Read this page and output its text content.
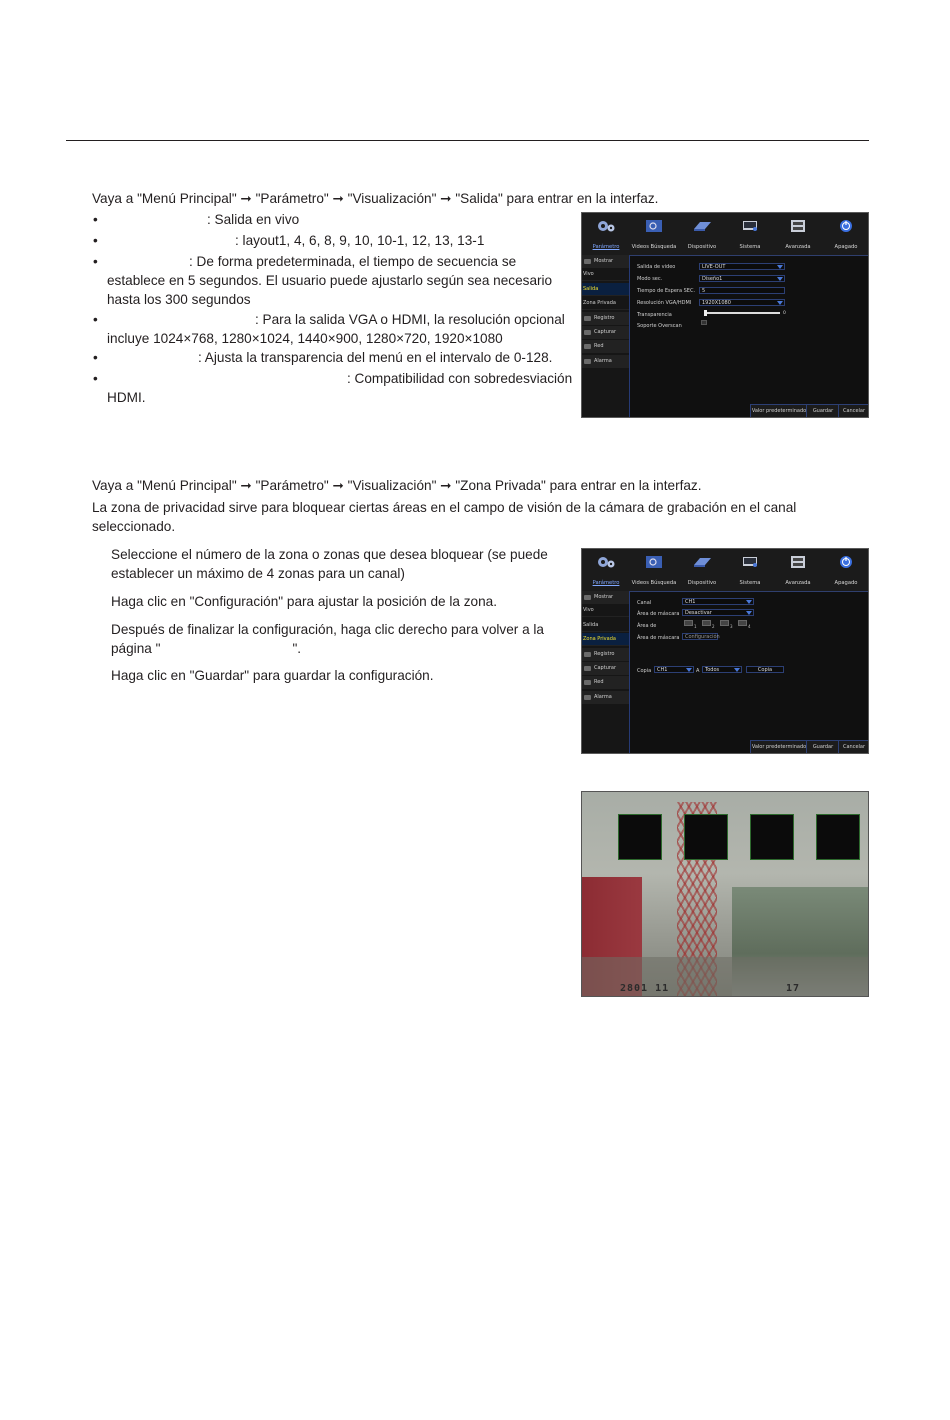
Vaya a "Menú Principal" ➞ "Parámetro" ➞ "Visualización" ➞ "Salida" para entrar en la interfaz.
•	: Salida en vivo
•	: layout1, 4, 6, 8, 9, 10, 10-1, 12, 13, 13-1
•	: De forma predeterminada, el tiempo de secuencia se
establece en 5 segundos. El usuario puede ajustarlo según sea necesario
hasta los 300 segundos
•	: Para la salida VGA o HDMI, la resolución opcional
incluye 1024×768, 1280×1024, 1440×900, 1280×720, 1920×1080
•	: Ajusta la transparencia del menú en el intervalo de 0-128.
•	: Compatibilidad con sobredesviación
HDMI.
Parámetro	Videos Búsqueda	Dispositivo	Sistema	Avanzada	Apagado
Mostrar
Vivo
Salida
Zona Privada
Registro
Capturar
Red
Alarma
Salida de video	LIVE-OUT
Modo sec.	Diseño1
Tiempo de Espera SEC.	5
Resolución VGA/HDMI	1920X1080
Transparencia	0
Soporte Overscan
Valor predeterminado	Guardar	Cancelar
Vaya a "Menú Principal" ➞ "Parámetro" ➞ "Visualización" ➞ "Zona Privada" para entrar en la interfaz.
La zona de privacidad sirve para bloquear ciertas áreas en el campo de visión de la cámara de grabación en el canal
seleccionado.
Seleccione el número de la zona o zonas que desea bloquear (se puede
establecer un máximo de 4 zonas para un canal)
Haga clic en "Configuración" para ajustar la posición de la zona.
Después de finalizar la configuración, haga clic derecho para volver a la
página "	".
Haga clic en "Guardar" para guardar la configuración.
Parámetro	Videos Búsqueda	Dispositivo	Sistema	Avanzada	Apagado
Mostrar
Vivo
Salida
Zona Privada
Registro
Capturar
Red
Alarma
Canal	CH1
Área de máscara	Desactivar
Área de	1	2	3	4
Área de máscara	Configuración
Copia	CH1	A	Todos	Copia
Valor predeterminado	Guardar	Cancelar
2801 11	17
